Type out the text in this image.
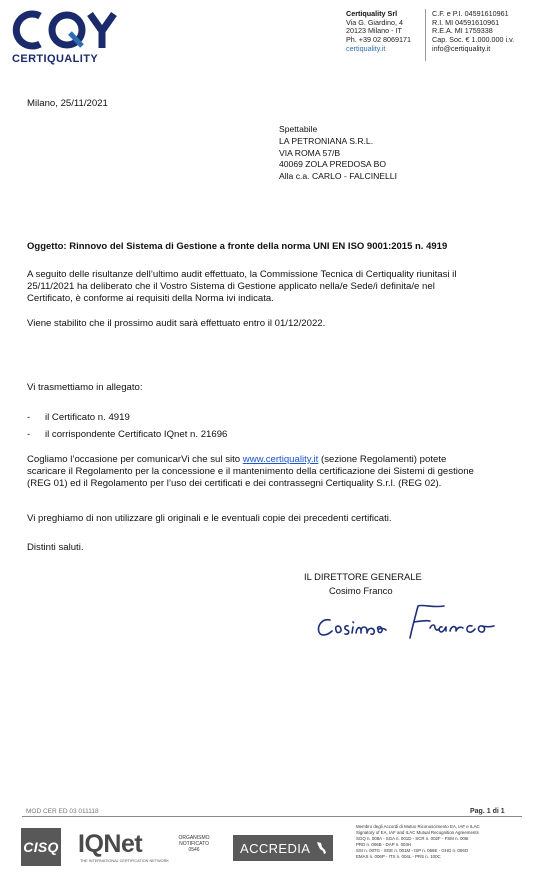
CERTIQUALITY
Certiquality Srl
Via G. Giardino, 4
20123 Milano - IT
Ph. +39 02 8069171
certiquality.it
C.F. e P.I. 04591610961
R.I. MI 04591610961
R.E.A. MI 1759338
Cap. Soc. € 1.000.000 i.v.
info@certiquality.it
Milano, 25/11/2021
Spettabile
LA PETRONIANA S.R.L.
VIA ROMA 57/B
40069 ZOLA PREDOSA BO
Alla c.a. CARLO - FALCINELLI
Oggetto: Rinnovo del Sistema di Gestione a fronte della norma UNI EN ISO 9001:2015 n. 4919
A seguito delle risultanze dell’ultimo audit effettuato, la Commissione Tecnica di Certiquality riunitasi il
25/11/2021 ha deliberato che il Vostro Sistema di Gestione applicato nella/e Sede/i definita/e nel
Certificato, è conforme ai requisiti della Norma ivi indicata.
Viene stabilito che il prossimo audit sarà effettuato entro il 01/12/2022.
Vi trasmettiamo in allegato:
- il Certificato n. 4919
- il corrispondente Certificato IQnet n. 21696
Cogliamo l’occasione per comunicarVi che sul sito www.certiquality.it (sezione Regolamenti) potete
scaricare il Regolamento per la concessione e il mantenimento della certificazione dei Sistemi di gestione
(REG 01) ed il Regolamento per l’uso dei certificati e dei contrassegni Certiquality S.r.l. (REG 02).
Vi preghiamo di non utilizzare gli originali e le eventuali copie dei precedenti certificati.
Distinti saluti.
IL DIRETTORE GENERALE
Cosimo Franco
MOD CER ED 03 011118	Pag. 1 di 1
CISQ IQNet
THE INTERNATIONAL CERTIFICATION NETWORK
ORGANISMO
NOTIFICATO
0546	ACCREDIA
Membro degli Accordi di Mutuo Riconoscimento EA, IAF e ILAC
Signatory of EA, IAF and ILAC Mutual Recognition Agreements
SGQ n. 008A - SGA n. 001D - SCR n. 002F - FSM n. 006I
PRD n. 006B - DAP n. 003H
SSI n. 007G - SGE n. 001M - ISP n. 066E - GHG n. 006O
EMAS n. 006P - ITX n. 004L - PRS n. 100C
